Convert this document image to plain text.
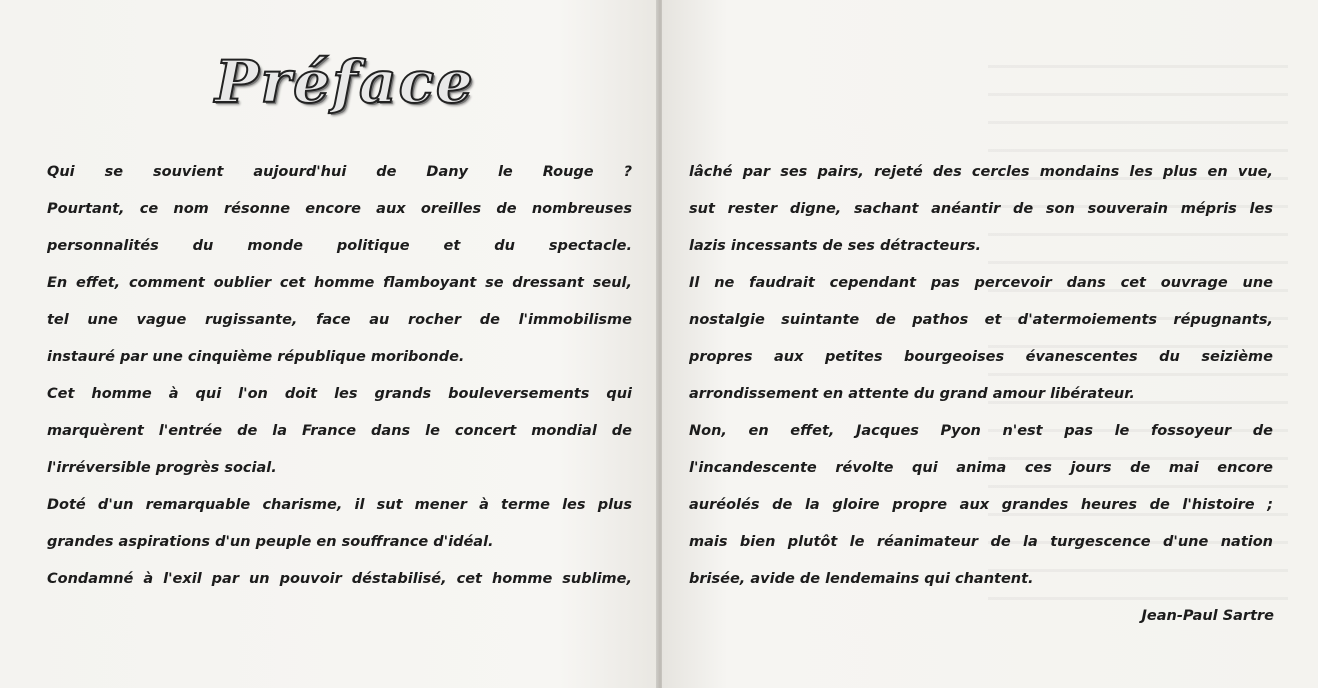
Préface
Qui se souvient aujourd'hui de Dany le Rouge ?
Pourtant, ce nom résonne encore aux oreilles de nombreuses
personnalités du monde politique et du spectacle.
En effet, comment oublier cet homme flamboyant se dressant seul,
tel une vague rugissante, face au rocher de l'immobilisme
instauré par une cinquième république moribonde.
Cet homme à qui l'on doit les grands bouleversements qui
marquèrent l'entrée de la France dans le concert mondial de
l'irréversible progrès social.
Doté d'un remarquable charisme, il sut mener à terme les plus
grandes aspirations d'un peuple en souffrance d'idéal.
Condamné à l'exil par un pouvoir déstabilisé, cet homme sublime,
lâché par ses pairs, rejeté des cercles mondains les plus en vue,
sut rester digne, sachant anéantir de son souverain mépris les
lazis incessants de ses détracteurs.
Il ne faudrait cependant pas percevoir dans cet ouvrage une
nostalgie suintante de pathos et d'atermoiements répugnants,
propres aux petites bourgeoises évanescentes du seizième
arrondissement en attente du grand amour libérateur.
Non, en effet, Jacques Pyon n'est pas le fossoyeur de
l'incandescente révolte qui anima ces jours de mai encore
auréolés de la gloire propre aux grandes heures de l'histoire ;
mais bien plutôt le réanimateur de la turgescence d'une nation
brisée, avide de lendemains qui chantent.
Jean-Paul Sartre
